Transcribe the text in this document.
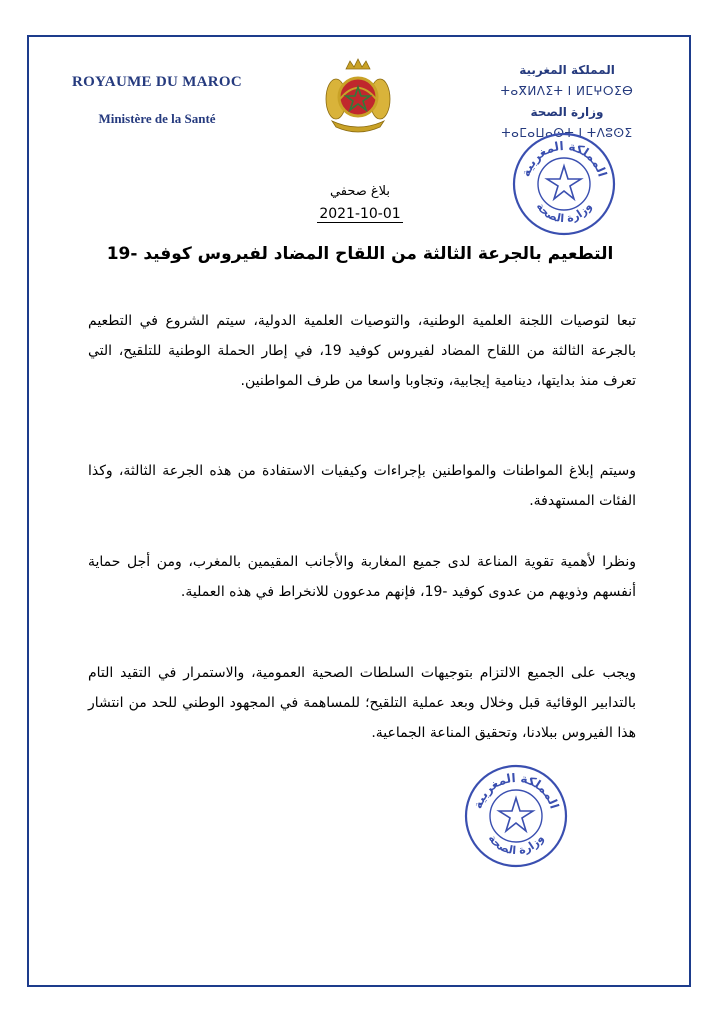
ROYAUME DU MAROC
Ministère de la Santé
المملكة المغربية
ⵜⴰⴳⵍⴷⵉⵜ ⵏ ⵍⵎⵖⵔⵉⴱ
وزارة الصحة
ⵜⴰⵎⴰⵡⴰⵙⵜ ⵏ ⵜⴷⵓⵙⵉ
المملكة المغربية
وزارة الصحة
بلاغ صحفي
2021-10-01
التطعيم بالجرعة الثالثة من اللقاح المضاد لفيروس كوفيد -19
تبعا لتوصيات اللجنة العلمية الوطنية، والتوصيات العلمية الدولية، سيتم الشروع في التطعيم بالجرعة الثالثة من اللقاح المضاد لفيروس كوفيد 19، في إطار الحملة الوطنية للتلقيح، التي تعرف منذ بدايتها، دينامية إيجابية، وتجاوبا واسعا من طرف المواطنين.
وسيتم إبلاغ المواطنات والمواطنين بإجراءات وكيفيات الاستفادة من هذه الجرعة الثالثة، وكذا الفئات المستهدفة.
ونظرا لأهمية تقوية المناعة لدى جميع المغاربة والأجانب المقيمين بالمغرب، ومن أجل حماية أنفسهم وذويهم من عدوى كوفيد -19، فإنهم مدعوون للانخراط في هذه العملية.
ويجب على الجميع الالتزام بتوجيهات السلطات الصحية العمومية، والاستمرار في التقيد التام بالتدابير الوقائية قبل وخلال وبعد عملية التلقيح؛ للمساهمة في المجهود الوطني للحد من انتشار هذا الفيروس ببلادنا، وتحقيق المناعة الجماعية.
المملكة المغربية
وزارة الصحة
